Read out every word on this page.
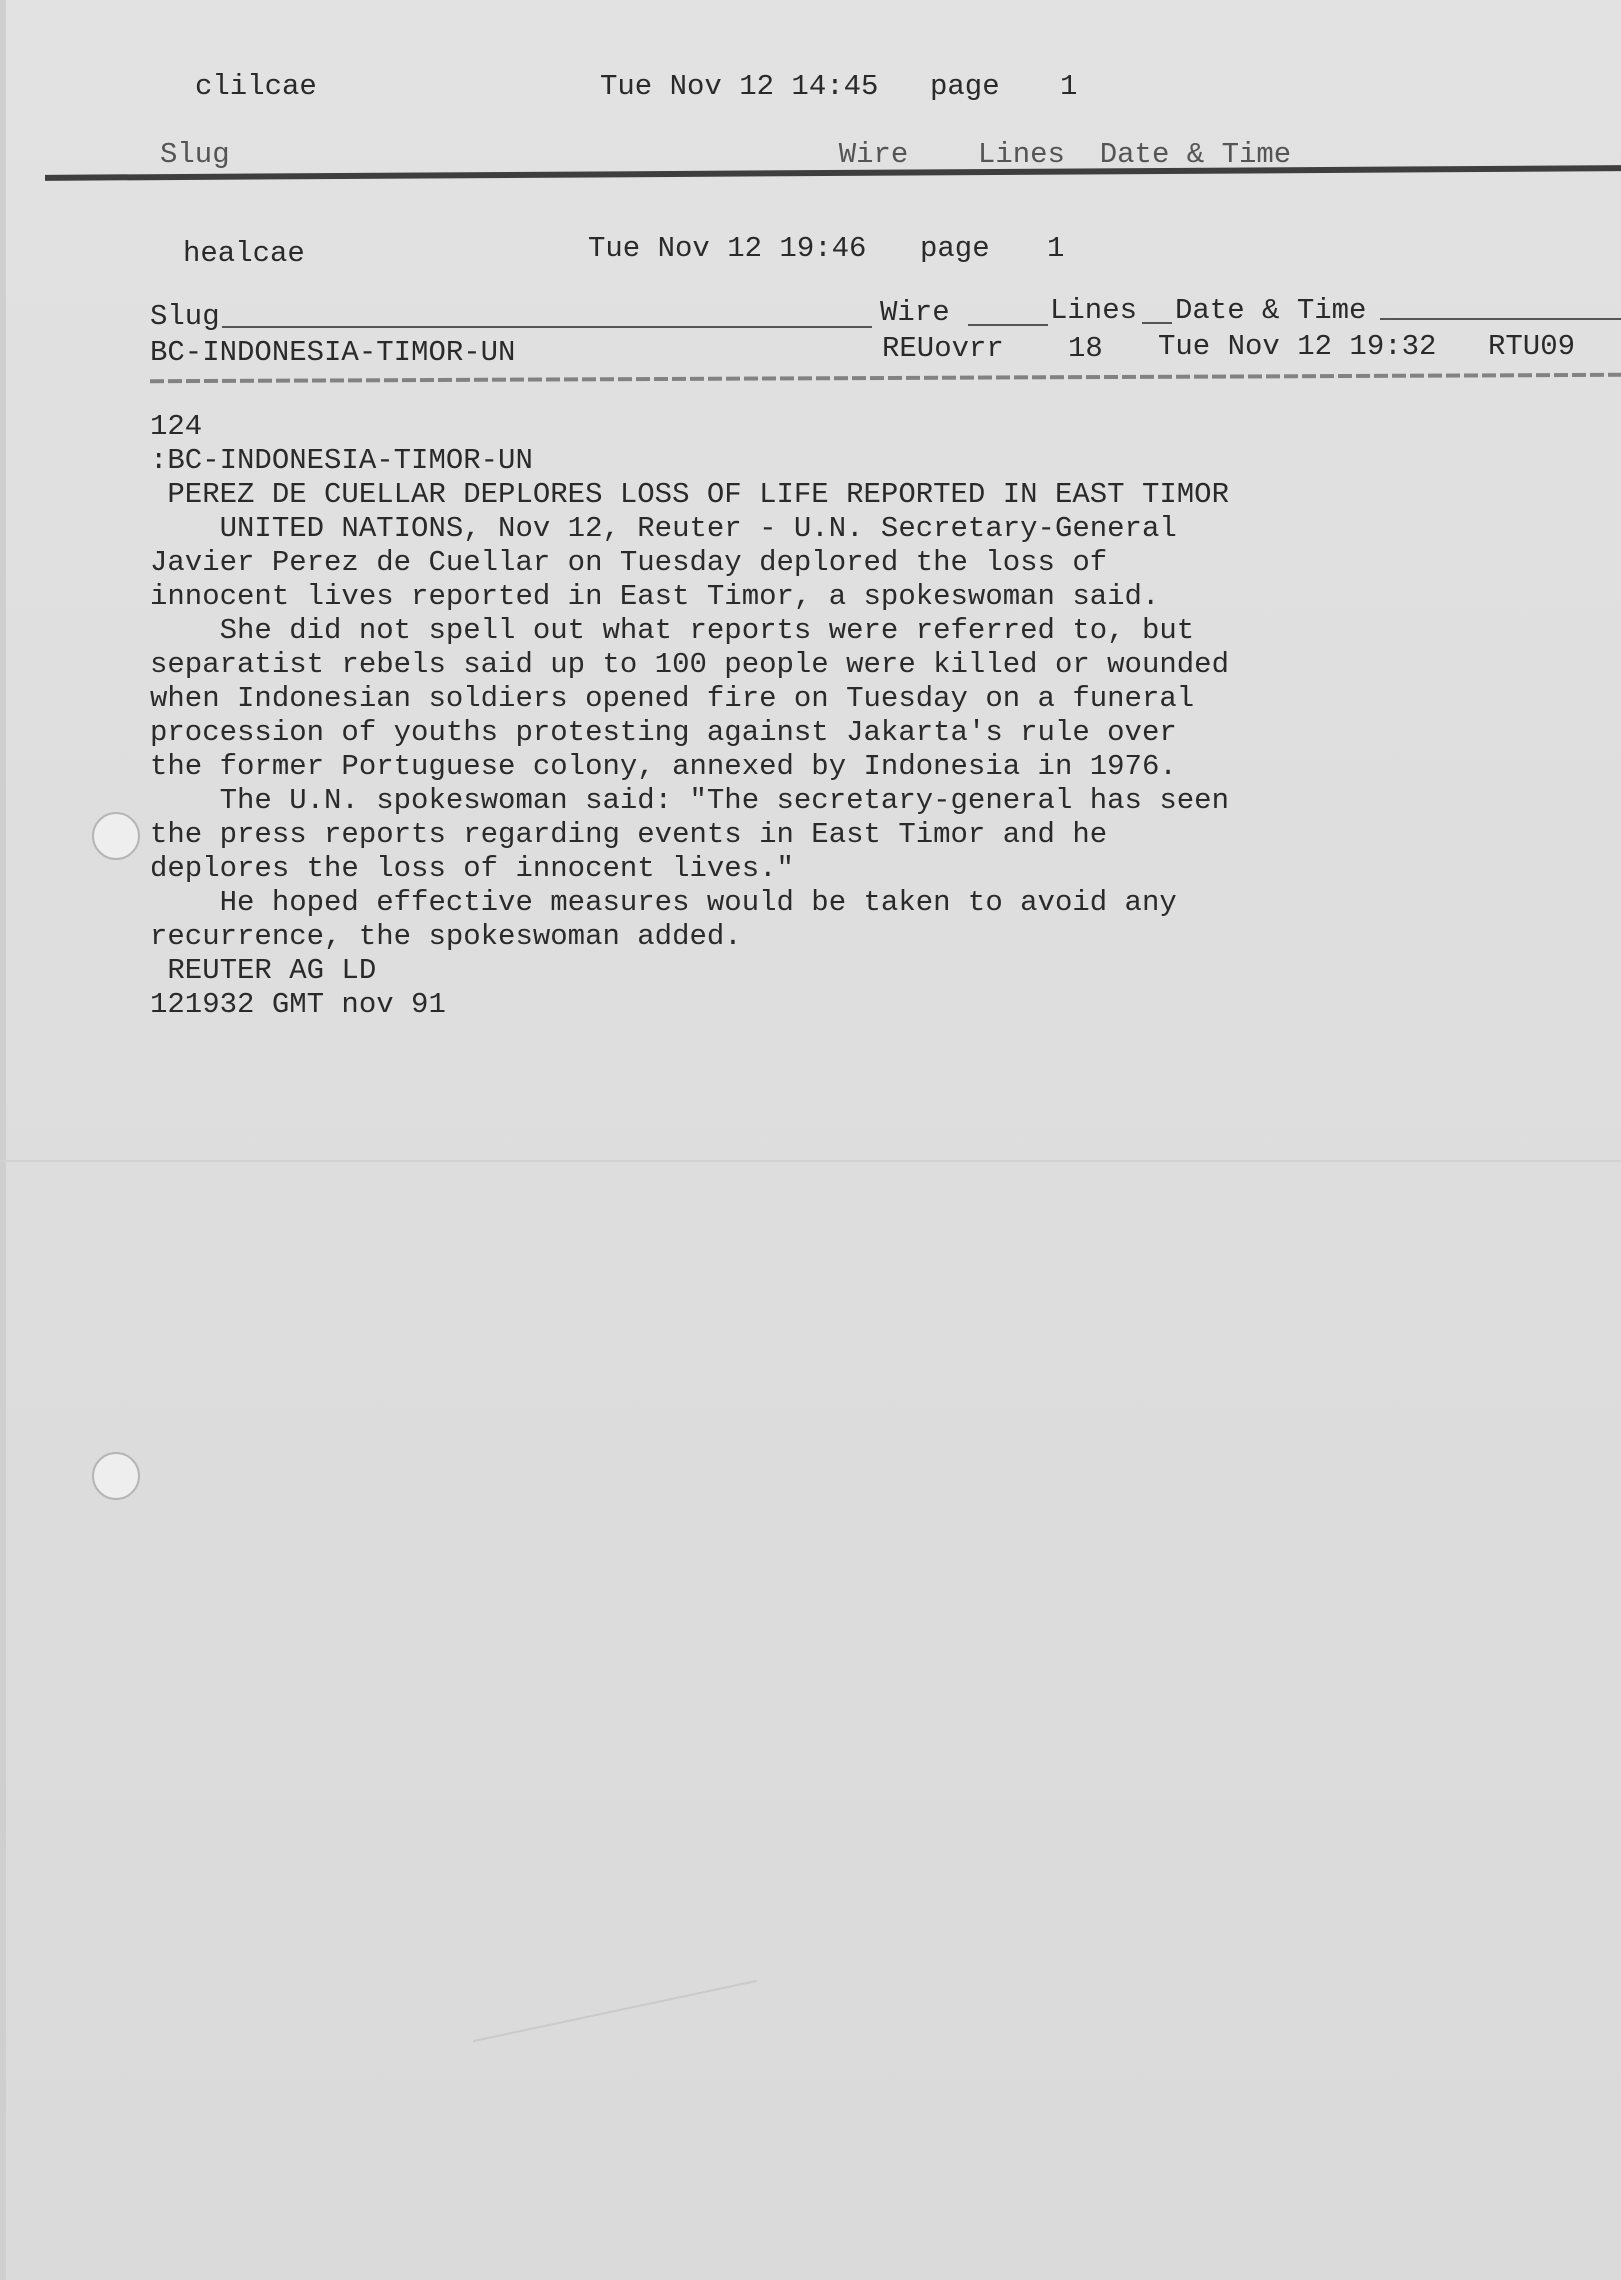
clilcae	Tue Nov 12 14:45 page 1
Slug                                   Wire    Lines  Date & Time
healcae	Tue Nov 12 19:46 page 1
Slug	Wire	Lines Date & Time
BC-INDONESIA-TIMOR-UN	REUovrr 18 Tue Nov 12 19:32 RTU09
124
:BC-INDONESIA-TIMOR-UN
PEREZ DE CUELLAR DEPLORES LOSS OF LIFE REPORTED IN EAST TIMOR
UNITED NATIONS, Nov 12, Reuter - U.N. Secretary-General
Javier Perez de Cuellar on Tuesday deplored the loss of
innocent lives reported in East Timor, a spokeswoman said.
She did not spell out what reports were referred to, but
separatist rebels said up to 100 people were killed or wounded
when Indonesian soldiers opened fire on Tuesday on a funeral
procession of youths protesting against Jakarta's rule over
the former Portuguese colony, annexed by Indonesia in 1976.
The U.N. spokeswoman said: "The secretary-general has seen
the press reports regarding events in East Timor and he
deplores the loss of innocent lives."
He hoped effective measures would be taken to avoid any
recurrence, the spokeswoman added.
REUTER AG LD
121932 GMT nov 91
